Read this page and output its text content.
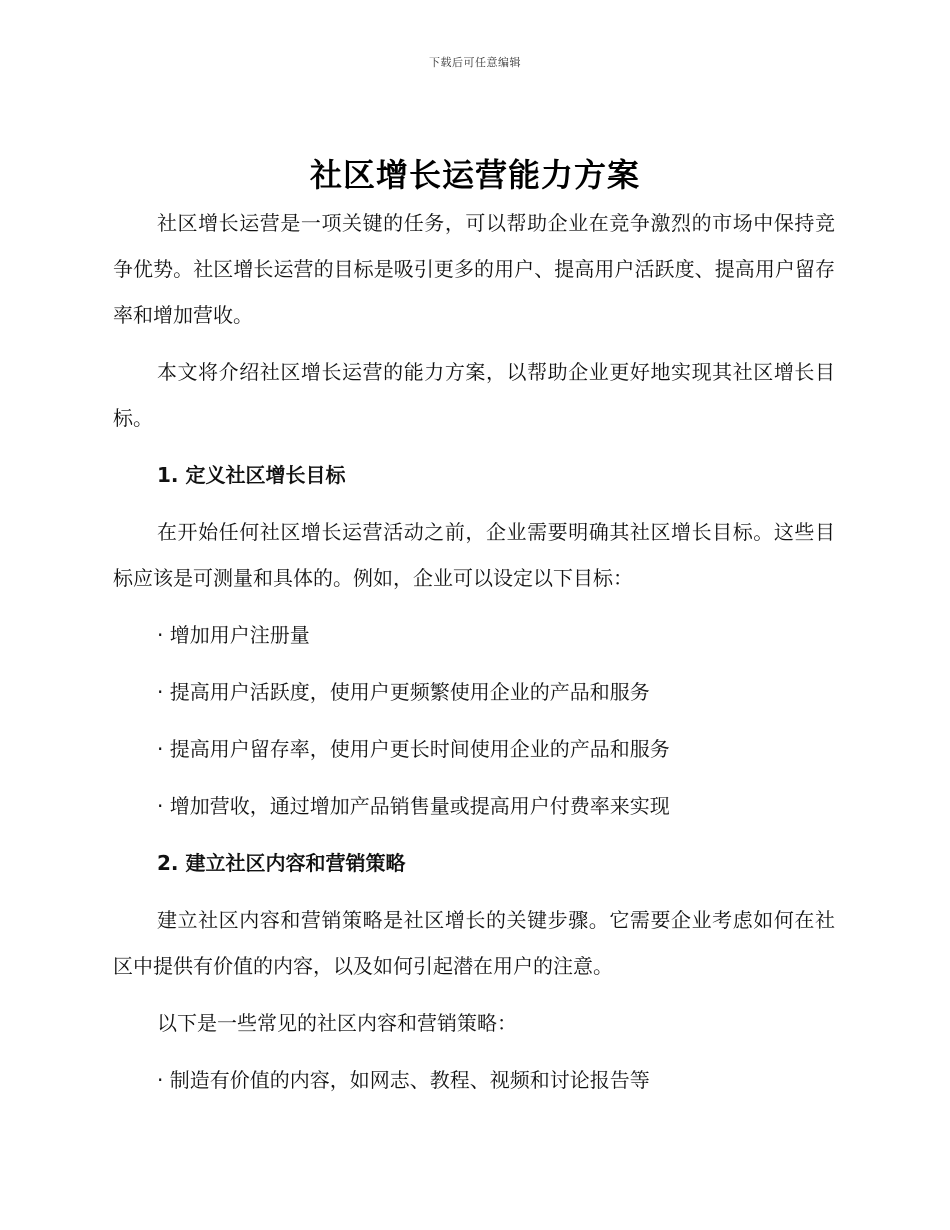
下载后可任意编辑
社区增长运营能力方案

社区增长运营是一项关键的任务，可以帮助企业在竞争激烈的市场中保持竞争优势。社区增长运营的目标是吸引更多的用户、提高用户活跃度、提高用户留存率和增加营收。

本文将介绍社区增长运营的能力方案，以帮助企业更好地实现其社区增长目标。

1. 定义社区增长目标

在开始任何社区增长运营活动之前，企业需要明确其社区增长目标。这些目标应该是可测量和具体的。例如，企业可以设定以下目标：

· 增加用户注册量
· 提高用户活跃度，使用户更频繁使用企业的产品和服务
· 提高用户留存率，使用户更长时间使用企业的产品和服务
· 增加营收，通过增加产品销售量或提高用户付费率来实现
2. 建立社区内容和营销策略

建立社区内容和营销策略是社区增长的关键步骤。它需要企业考虑如何在社区中提供有价值的内容，以及如何引起潜在用户的注意。

以下是一些常见的社区内容和营销策略：

· 制造有价值的内容，如网志、教程、视频和讨论报告等
